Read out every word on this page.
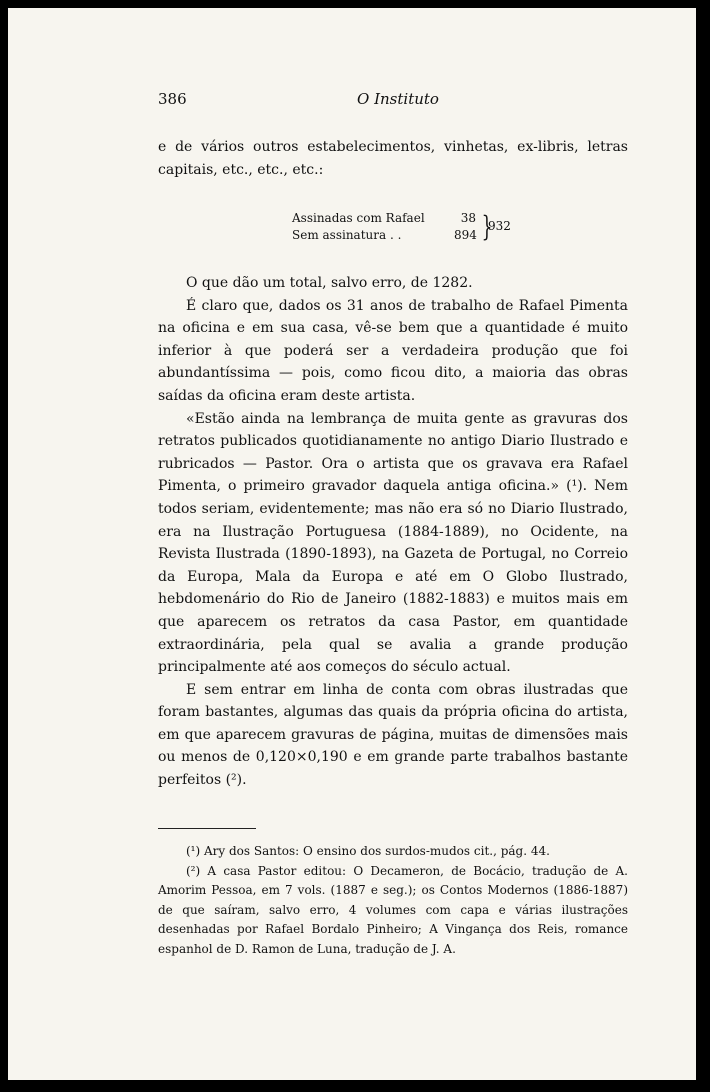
386	O Instituto

e de vários outros estabelecimentos, vinhetas, ex-libris, letras capitais, etc., etc., etc.:

Assinadas com Rafael	38
Sem assinatura . .	894 }
932

O que dão um total, salvo erro, de 1282.

É claro que, dados os 31 anos de trabalho de Rafael Pimenta na oficina e em sua casa, vê-se bem que a quantidade é muito inferior à que poderá ser a verdadeira produção que foi abundantíssima — pois, como ficou dito, a maioria das obras saídas da oficina eram deste artista.

«Estão ainda na lembrança de muita gente as gravuras dos retratos publicados quotidianamente no antigo Diario Ilustrado e rubricados — Pastor. Ora o artista que os gravava era Rafael Pimenta, o primeiro gravador daquela antiga oficina.» (¹). Nem todos seriam, evidentemente; mas não era só no Diario Ilustrado, era na Ilustração Portuguesa (1884-1889), no Ocidente, na Revista Ilustrada (1890-1893), na Gazeta de Portugal, no Correio da Europa, Mala da Europa e até em O Globo Ilustrado, hebdomenário do Rio de Janeiro (1882-1883) e muitos mais em que aparecem os retratos da casa Pastor, em quantidade extraordinária, pela qual se avalia a grande produção principalmente até aos começos do século actual.

E sem entrar em linha de conta com obras ilustradas que foram bastantes, algumas das quais da própria oficina do artista, em que aparecem gravuras de página, muitas de dimensões mais ou menos de 0,120×0,190 e em grande parte trabalhos bastante perfeitos (²).

(¹) Ary dos Santos: O ensino dos surdos-mudos cit., pág. 44.

(²) A casa Pastor editou: O Decameron, de Bocácio, tradução de A. Amorim Pessoa, em 7 vols. (1887 e seg.); os Contos Modernos (1886-1887) de que saíram, salvo erro, 4 volumes com capa e várias ilustrações desenhadas por Rafael Bordalo Pinheiro; A Vingança dos Reis, romance espanhol de D. Ramon de Luna, tradução de J. A.
